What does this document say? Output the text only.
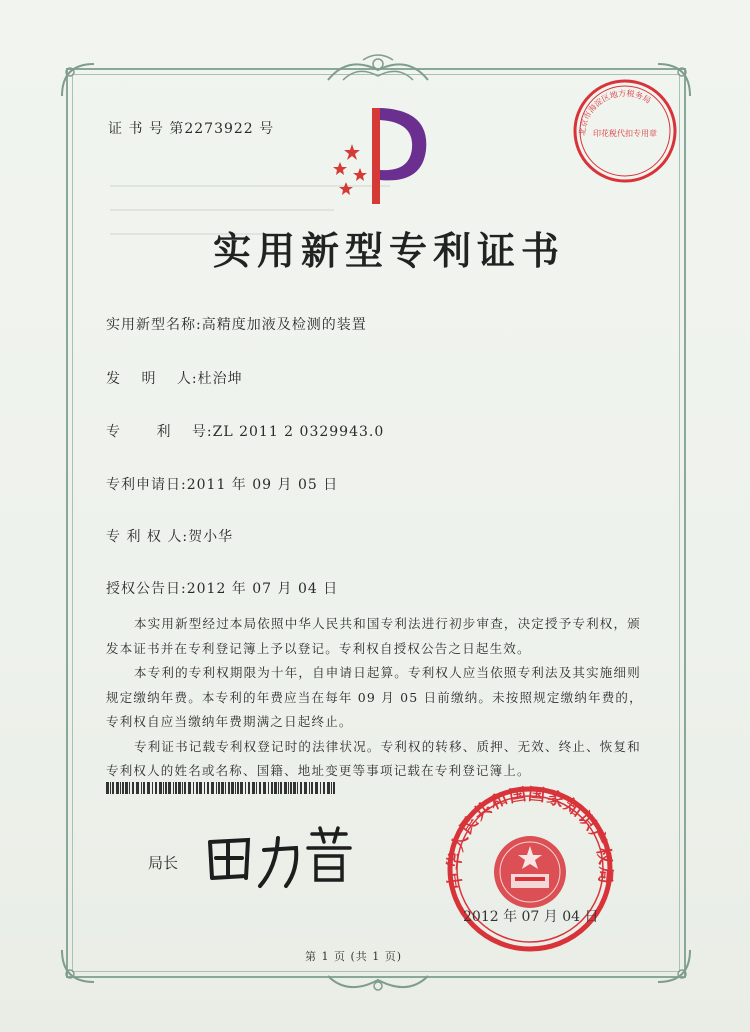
证 书 号 第2273922 号	北京市海淀区地方税务局
印花税代扣专用章
实用新型专利证书
实用新型名称:高精度加液及检测的装置
发　 明　 人:杜治坤
专　　 利　 号:ZL 2011 2 0329943.0
专利申请日:2011 年 09 月 05 日
专 利 权 人:贺小华
授权公告日:2012 年 07 月 04 日

本实用新型经过本局依照中华人民共和国专利法进行初步审查，决定授予专利权，颁发本证书并在专利登记簿上予以登记。专利权自授权公告之日起生效。

本专利的专利权期限为十年，自申请日起算。专利权人应当依照专利法及其实施细则规定缴纳年费。本专利的年费应当在每年 09 月 05 日前缴纳。未按照规定缴纳年费的，专利权自应当缴纳年费期满之日起终止。

专利证书记载专利权登记时的法律状况。专利权的转移、质押、无效、终止、恢复和专利权人的姓名或名称、国籍、地址变更等事项记载在专利登记簿上。

局长
中华人民共和国国家知识产权局
2012 年 07 月 04 日
第 1 页 (共 1 页)
